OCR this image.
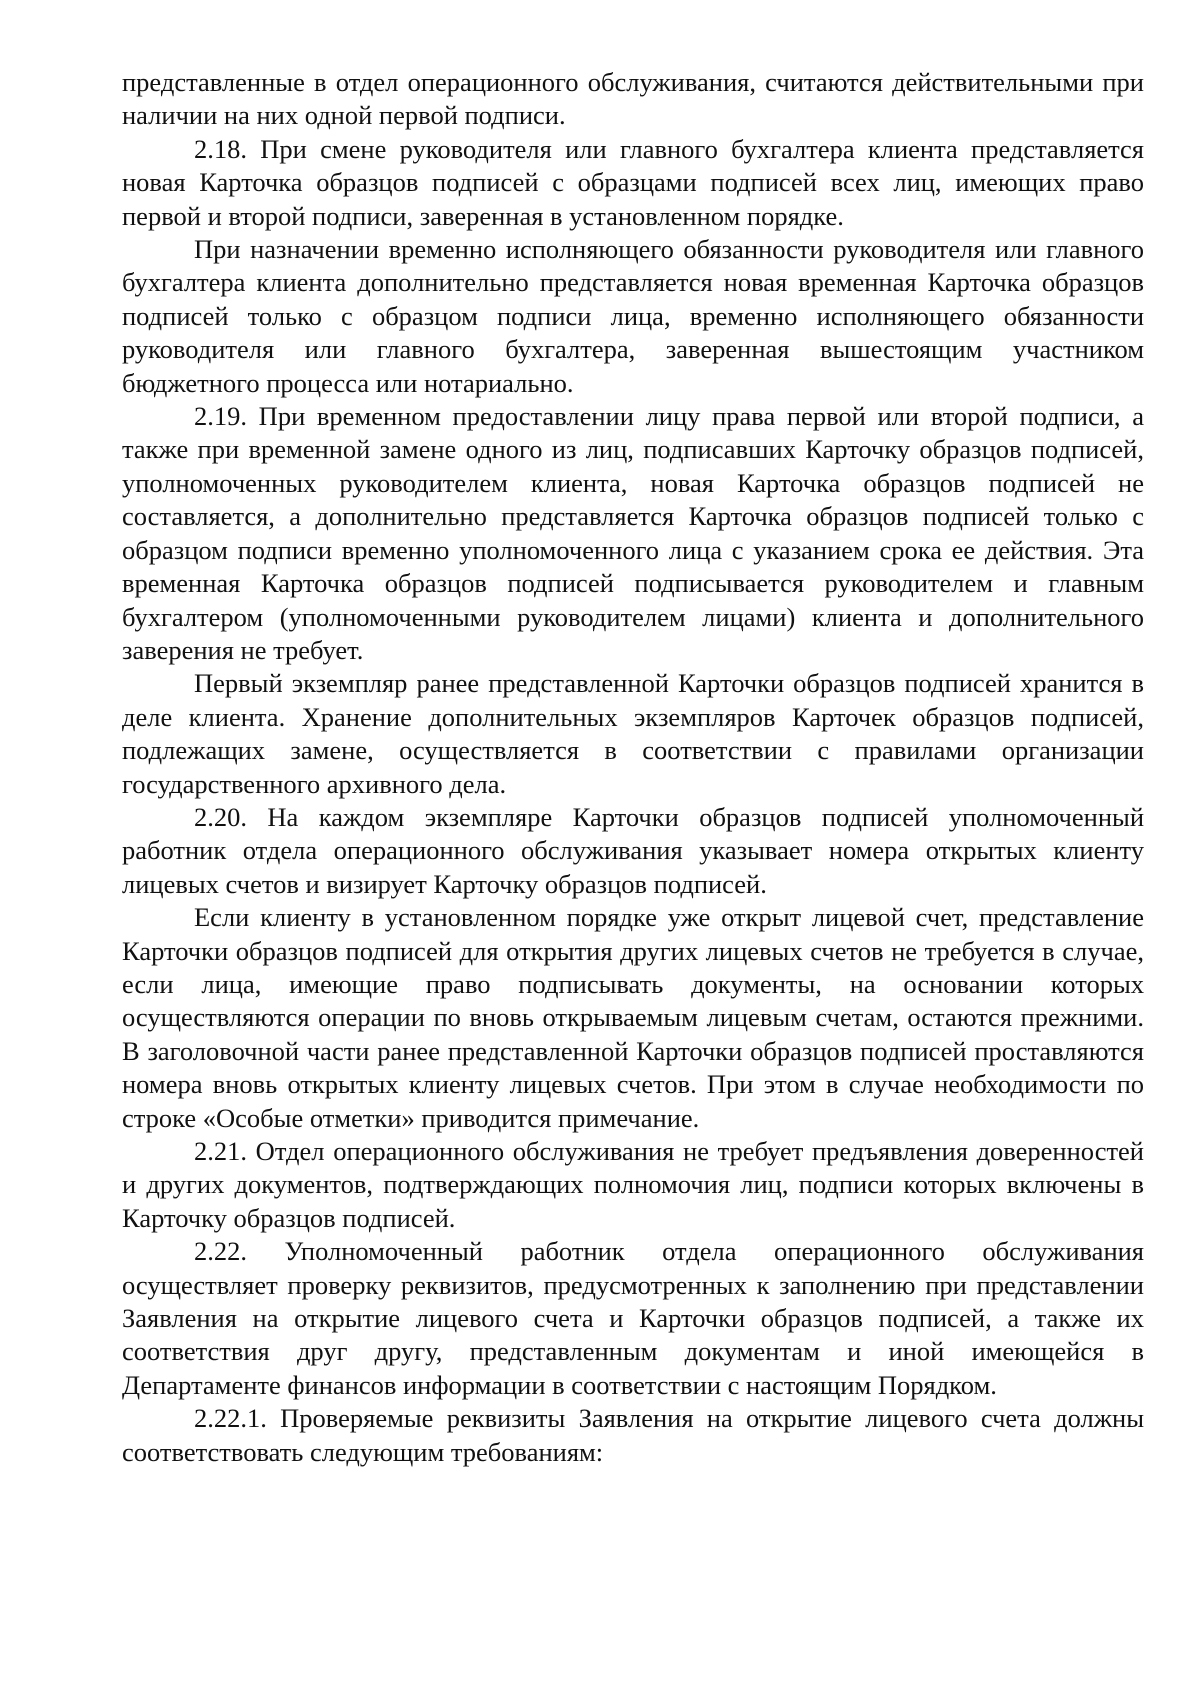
представленные в отдел операционного обслуживания, считаются действительными при наличии на них одной первой подписи.

2.18. При смене руководителя или главного бухгалтера клиента представляется новая Карточка образцов подписей с образцами подписей всех лиц, имеющих право первой и второй подписи, заверенная в установленном порядке.

При назначении временно исполняющего обязанности руководителя или главного бухгалтера клиента дополнительно представляется новая временная Карточка образцов подписей только с образцом подписи лица, временно исполняющего обязанности руководителя или главного бухгалтера, заверенная вышестоящим участником бюджетного процесса или нотариально.

2.19. При временном предоставлении лицу права первой или второй подписи, а также при временной замене одного из лиц, подписавших Карточку образцов подписей, уполномоченных руководителем клиента, новая Карточка образцов подписей не составляется, а дополнительно представляется Карточка образцов подписей только с образцом подписи временно уполномоченного лица с указанием срока ее действия. Эта временная Карточка образцов подписей подписывается руководителем и главным бухгалтером (уполномоченными руководителем лицами) клиента и дополнительного заверения не требует.

Первый экземпляр ранее представленной Карточки образцов подписей хранится в деле клиента. Хранение дополнительных экземпляров Карточек образцов подписей, подлежащих замене, осуществляется в соответствии с правилами организации государственного архивного дела.

2.20. На каждом экземпляре Карточки образцов подписей уполномоченный работник отдела операционного обслуживания указывает номера открытых клиенту лицевых счетов и визирует Карточку образцов подписей.

Если клиенту в установленном порядке уже открыт лицевой счет, представление Карточки образцов подписей для открытия других лицевых счетов не требуется в случае, если лица, имеющие право подписывать документы, на основании которых осуществляются операции по вновь открываемым лицевым счетам, остаются прежними. В заголовочной части ранее представленной Карточки образцов подписей проставляются номера вновь открытых клиенту лицевых счетов. При этом в случае необходимости по строке «Особые отметки» приводится примечание.

2.21. Отдел операционного обслуживания не требует предъявления доверенностей и других документов, подтверждающих полномочия лиц, подписи которых включены в Карточку образцов подписей.

2.22. Уполномоченный работник отдела операционного обслуживания осуществляет проверку реквизитов, предусмотренных к заполнению при представлении Заявления на открытие лицевого счета и Карточки образцов подписей, а также их соответствия друг другу, представленным документам и иной имеющейся в Департаменте финансов информации в соответствии с настоящим Порядком.

2.22.1. Проверяемые реквизиты Заявления на открытие лицевого счета должны соответствовать следующим требованиям:
